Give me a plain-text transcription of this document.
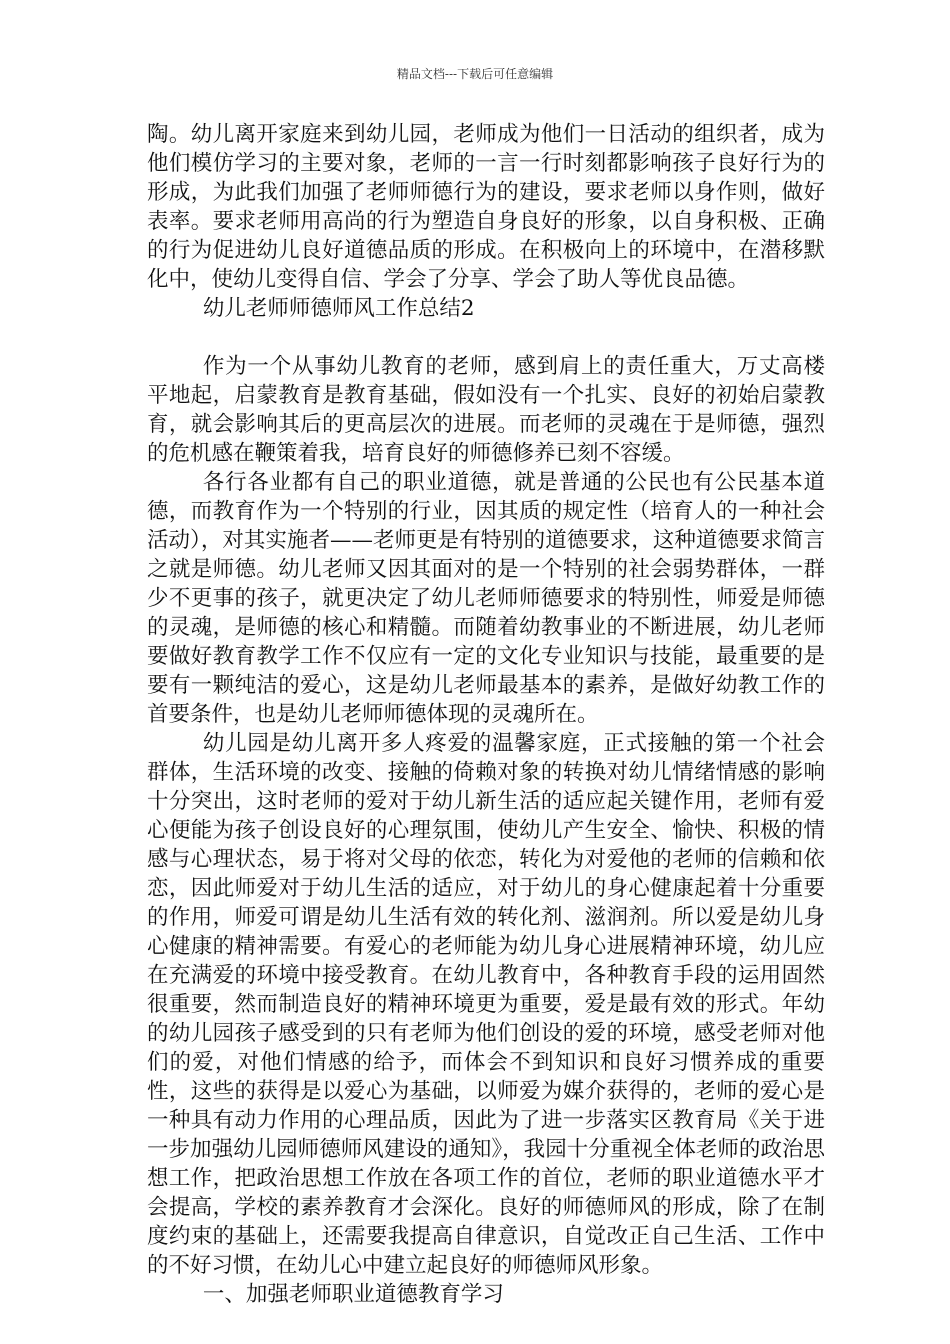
精品文档---下载后可任意编辑

陶。幼儿离开家庭来到幼儿园，老师成为他们一日活动的组织者，成为他们模仿学习的主要对象，老师的一言一行时刻都影响孩子良好行为的形成，为此我们加强了老师师德行为的建设，要求老师以身作则，做好表率。要求老师用高尚的行为塑造自身良好的形象，以自身积极、正确的行为促进幼儿良好道德品质的形成。在积极向上的环境中，在潜移默化中，使幼儿变得自信、学会了分享、学会了助人等优良品德。

幼儿老师师德师风工作总结2

作为一个从事幼儿教育的老师，感到肩上的责任重大，万丈高楼平地起，启蒙教育是教育基础，假如没有一个扎实、良好的初始启蒙教育，就会影响其后的更高层次的进展。而老师的灵魂在于是师德，强烈的危机感在鞭策着我，培育良好的师德修养已刻不容缓。

各行各业都有自己的职业道德，就是普通的公民也有公民基本道德，而教育作为一个特别的行业，因其质的规定性（培育人的一种社会活动），对其实施者——老师更是有特别的道德要求，这种道德要求简言之就是师德。幼儿老师又因其面对的是一个特别的社会弱势群体，一群少不更事的孩子，就更决定了幼儿老师师德要求的特别性，师爱是师德的灵魂，是师德的核心和精髓。而随着幼教事业的不断进展，幼儿老师要做好教育教学工作不仅应有一定的文化专业知识与技能，最重要的是要有一颗纯洁的爱心，这是幼儿老师最基本的素养，是做好幼教工作的首要条件，也是幼儿老师师德体现的灵魂所在。

幼儿园是幼儿离开多人疼爱的温馨家庭，正式接触的第一个社会群体，生活环境的改变、接触的倚赖对象的转换对幼儿情绪情感的影响十分突出，这时老师的爱对于幼儿新生活的适应起关键作用，老师有爱心便能为孩子创设良好的心理氛围，使幼儿产生安全、愉快、积极的情感与心理状态，易于将对父母的依恋，转化为对爱他的老师的信赖和依恋，因此师爱对于幼儿生活的适应，对于幼儿的身心健康起着十分重要的作用，师爱可谓是幼儿生活有效的转化剂、滋润剂。所以爱是幼儿身心健康的精神需要。有爱心的老师能为幼儿身心进展精神环境，幼儿应在充满爱的环境中接受教育。在幼儿教育中，各种教育手段的运用固然很重要，然而制造良好的精神环境更为重要，爱是最有效的形式。年幼的幼儿园孩子感受到的只有老师为他们创设的爱的环境，感受老师对他们的爱，对他们情感的给予，而体会不到知识和良好习惯养成的重要性，这些的获得是以爱心为基础，以师爱为媒介获得的，老师的爱心是一种具有动力作用的心理品质，因此为了进一步落实区教育局《关于进一步加强幼儿园师德师风建设的通知》，我园十分重视全体老师的政治思想工作，把政治思想工作放在各项工作的首位，老师的职业道德水平才会提高，学校的素养教育才会深化。良好的师德师风的形成，除了在制度约束的基础上，还需要我提高自律意识，自觉改正自己生活、工作中的不好习惯，在幼儿心中建立起良好的师德师风形象。

一、加强老师职业道德教育学习
